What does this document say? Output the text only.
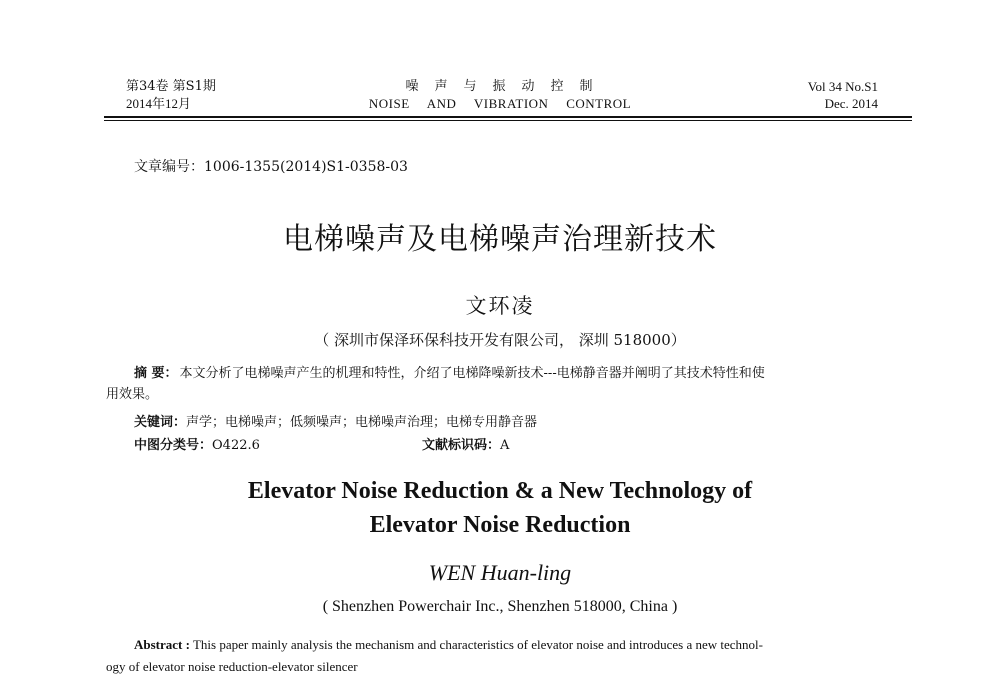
第34卷 第S1期
2014年12月
噪声与振动控制
NOISE AND VIBRATION CONTROL
Vol 34 No.S1
Dec. 2014
文章编号：1006-1355(2014)S1-0358-03
电梯噪声及电梯噪声治理新技术
文环凌
（ 深圳市保泽环保科技开发有限公司， 深圳 518000）
摘 要： 本文分析了电梯噪声产生的机理和特性，介绍了电梯降噪新技术---电梯静音器并阐明了其技术特性和使
用效果。
关键词：声学；电梯噪声；低频噪声；电梯噪声治理；电梯专用静音器
中图分类号：O422.6	文献标识码：A
Elevator Noise Reduction & a New Technology of
Elevator Noise Reduction
WEN Huan-ling
( Shenzhen Powerchair Inc., Shenzhen 518000, China )
Abstract : This paper mainly analysis the mechanism and characteristics of elevator noise and introduces a new technol-
ogy of elevator noise reduction-elevator silencer
